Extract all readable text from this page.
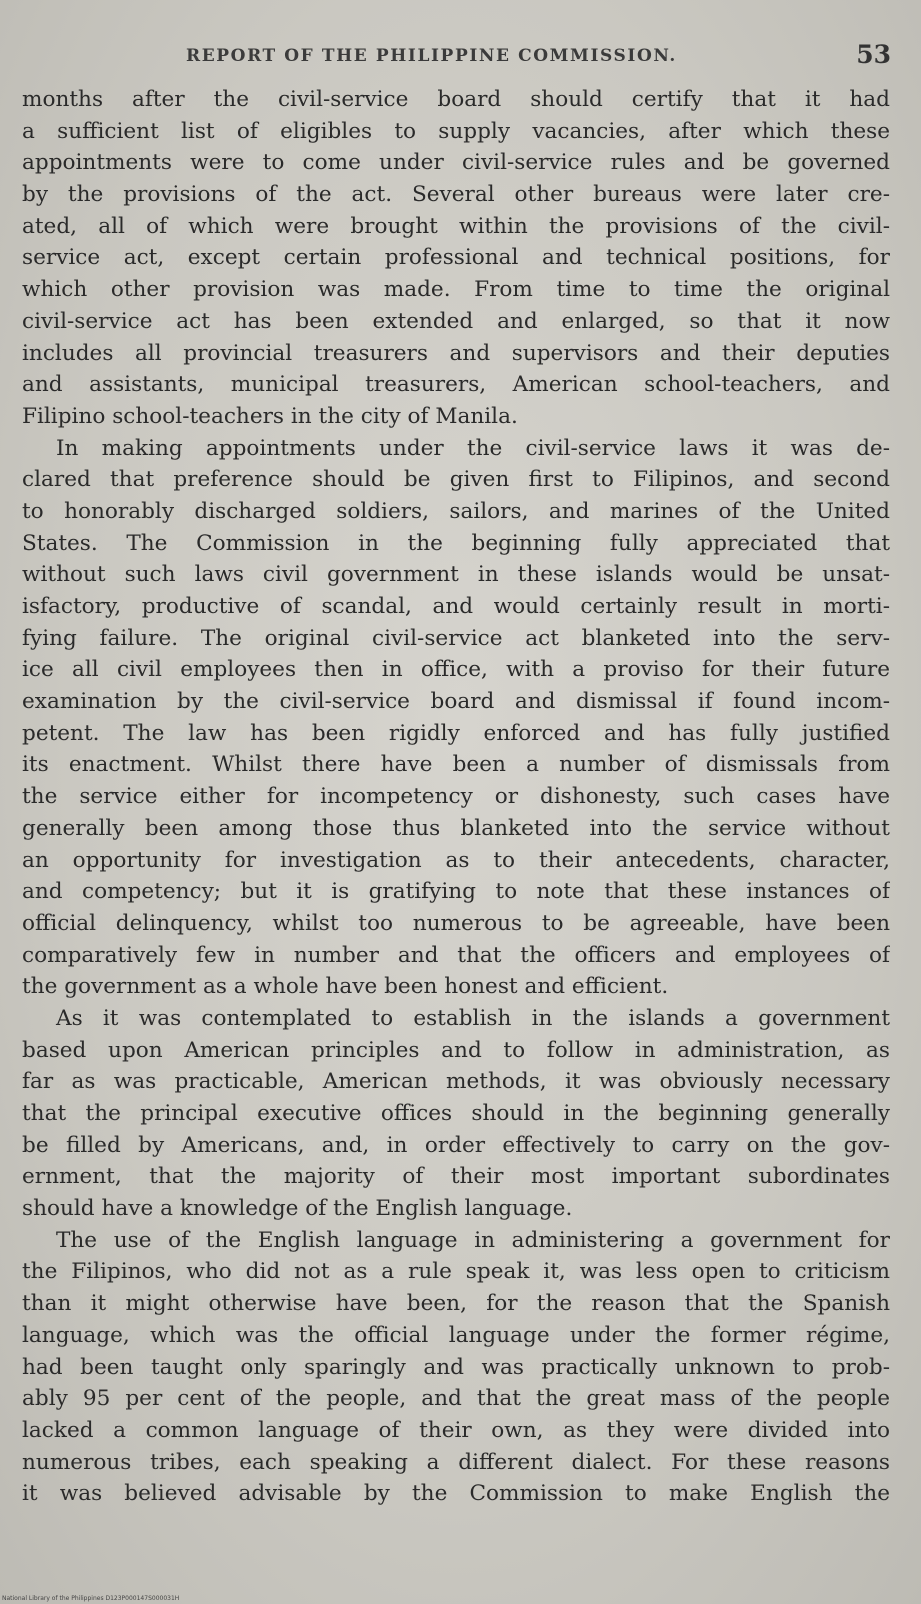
REPORT OF THE PHILIPPINE COMMISSION.	53
months after the civil-service board should certify that it had
a sufficient list of eligibles to supply vacancies, after which these
appointments were to come under civil-service rules and be governed
by the provisions of the act. Several other bureaus were later cre-
ated, all of which were brought within the provisions of the civil-
service act, except certain professional and technical positions, for
which other provision was made. From time to time the original
civil-service act has been extended and enlarged, so that it now
includes all provincial treasurers and supervisors and their deputies
and assistants, municipal treasurers, American school-teachers, and
Filipino school-teachers in the city of Manila.
In making appointments under the civil-service laws it was de-
clared that preference should be given first to Filipinos, and second
to honorably discharged soldiers, sailors, and marines of the United
States. The Commission in the beginning fully appreciated that
without such laws civil government in these islands would be unsat-
isfactory, productive of scandal, and would certainly result in morti-
fying failure. The original civil-service act blanketed into the serv-
ice all civil employees then in office, with a proviso for their future
examination by the civil-service board and dismissal if found incom-
petent. The law has been rigidly enforced and has fully justified
its enactment. Whilst there have been a number of dismissals from
the service either for incompetency or dishonesty, such cases have
generally been among those thus blanketed into the service without
an opportunity for investigation as to their antecedents, character,
and competency; but it is gratifying to note that these instances of
official delinquency, whilst too numerous to be agreeable, have been
comparatively few in number and that the officers and employees of
the government as a whole have been honest and efficient.
As it was contemplated to establish in the islands a government
based upon American principles and to follow in administration, as
far as was practicable, American methods, it was obviously necessary
that the principal executive offices should in the beginning generally
be filled by Americans, and, in order effectively to carry on the gov-
ernment, that the majority of their most important subordinates
should have a knowledge of the English language.
The use of the English language in administering a government for
the Filipinos, who did not as a rule speak it, was less open to criticism
than it might otherwise have been, for the reason that the Spanish
language, which was the official language under the former régime,
had been taught only sparingly and was practically unknown to prob-
ably 95 per cent of the people, and that the great mass of the people
lacked a common language of their own, as they were divided into
numerous tribes, each speaking a different dialect. For these reasons
it was believed advisable by the Commission to make English the
National Library of the Philippines D123P000147S000031H
